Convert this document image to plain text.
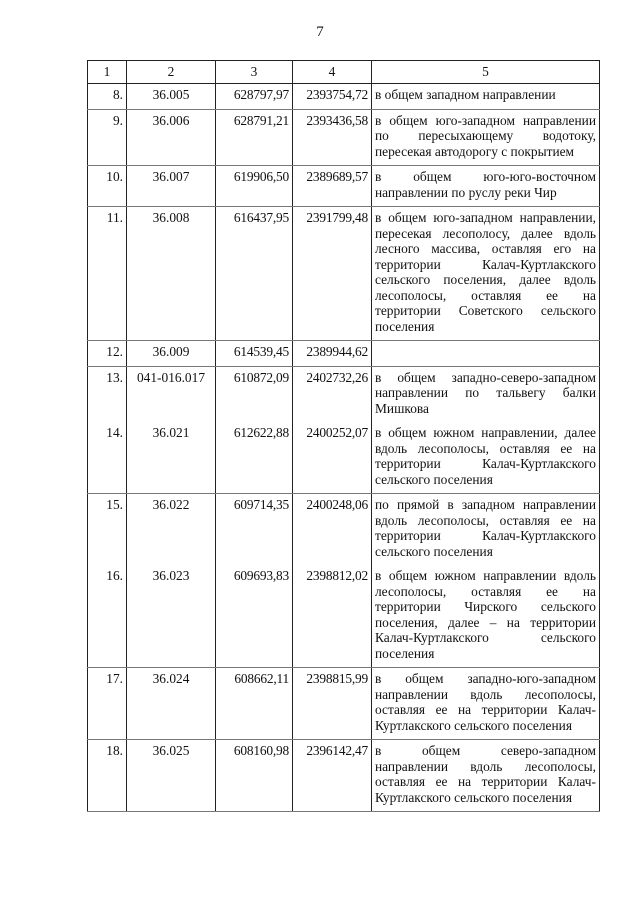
7
1	2	3	4	5
8.	36.005	628797,97	2393754,72	в общем западном направлении
9.	36.006	628791,21	2393436,58	в общем юго-западном направлении по пересыхающему водотоку, пересекая автодорогу с покрытием
10.	36.007	619906,50	2389689,57	в общем юго-юго-восточном направлении по руслу реки Чир
11.	36.008	616437,95	2391799,48	в общем юго-западном направлении, пересекая лесополосу, далее вдоль лесного массива, оставляя его на территории Калач-Куртлакского сельского поселения, далее вдоль лесополосы, оставляя ее на территории Советского сельского поселения
12.	36.009	614539,45	2389944,62	
13.	041-016.017	610872,09	2402732,26	в общем западно-северо-западном направлении по тальвегу балки Мишкова
14.	36.021	612622,88	2400252,07	в общем южном направлении, далее вдоль лесополосы, оставляя ее на территории Калач-Куртлакского сельского поселения
15.	36.022	609714,35	2400248,06	по прямой в западном направлении вдоль лесополосы, оставляя ее на территории Калач-Куртлакского сельского поселения
16.	36.023	609693,83	2398812,02	в общем южном направлении вдоль лесополосы, оставляя ее на территории Чирского сельского поселения, далее – на территории Калач-Куртлакского сельского поселения
17.	36.024	608662,11	2398815,99	в общем западно-юго-западном направлении вдоль лесополосы, оставляя ее на территории Калач-Куртлакского сельского поселения
18.	36.025	608160,98	2396142,47	в общем северо-западном направлении вдоль лесополосы, оставляя ее на территории Калач-Куртлакского сельского поселения
